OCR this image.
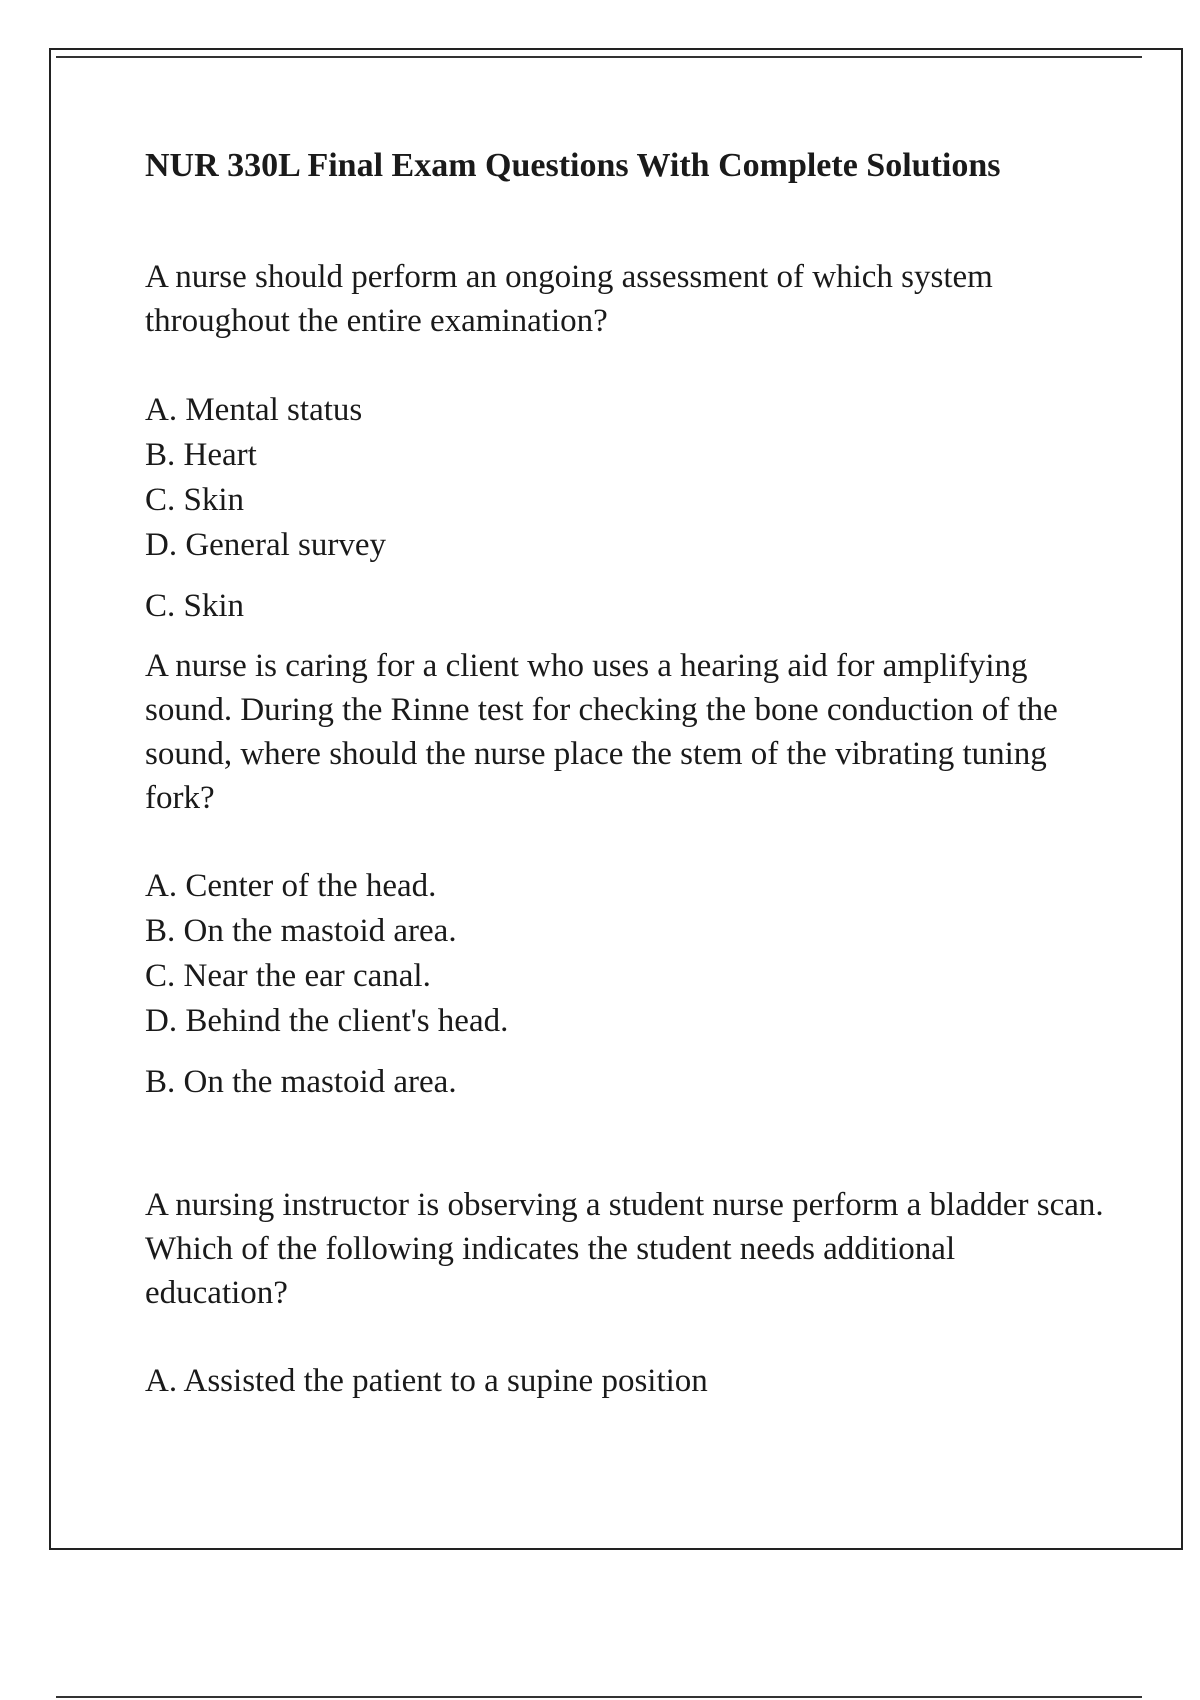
NUR 330L Final Exam Questions With Complete Solutions

A nurse should perform an ongoing assessment of which system throughout the entire examination?

A. Mental status
B. Heart
C. Skin
D. General survey

C. Skin

A nurse is caring for a client who uses a hearing aid for amplifying sound. During the Rinne test for checking the bone conduction of the sound, where should the nurse place the stem of the vibrating tuning fork?

A. Center of the head.
B. On the mastoid area.
C. Near the ear canal.
D. Behind the client's head.

B. On the mastoid area.

A nursing instructor is observing a student nurse perform a bladder scan. Which of the following indicates the student needs additional education?

A. Assisted the patient to a supine position
